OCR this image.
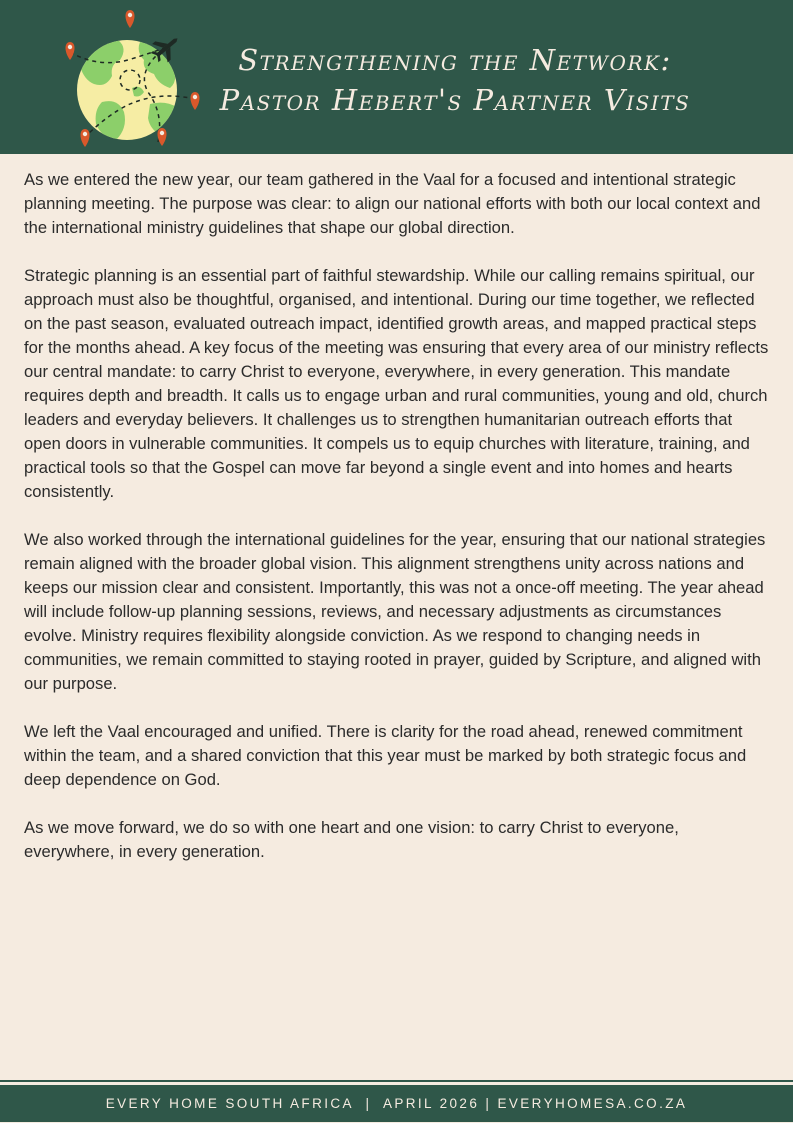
Strengthening the Network: Pastor Hebert's Partner Visits

As we entered the new year, our team gathered in the Vaal for a focused and intentional strategic planning meeting. The purpose was clear: to align our national efforts with both our local context and the international ministry guidelines that shape our global direction.

Strategic planning is an essential part of faithful stewardship. While our calling remains spiritual, our approach must also be thoughtful, organised, and intentional. During our time together, we reflected on the past season, evaluated outreach impact, identified growth areas, and mapped practical steps for the months ahead. A key focus of the meeting was ensuring that every area of our ministry reflects our central mandate: to carry Christ to everyone, everywhere, in every generation. This mandate requires depth and breadth. It calls us to engage urban and rural communities, young and old, church leaders and everyday believers. It challenges us to strengthen humanitarian outreach efforts that open doors in vulnerable communities. It compels us to equip churches with literature, training, and practical tools so that the Gospel can move far beyond a single event and into homes and hearts consistently.

We also worked through the international guidelines for the year, ensuring that our national strategies remain aligned with the broader global vision. This alignment strengthens unity across nations and keeps our mission clear and consistent. Importantly, this was not a once-off meeting. The year ahead will include follow-up planning sessions, reviews, and necessary adjustments as circumstances evolve. Ministry requires flexibility alongside conviction. As we respond to changing needs in communities, we remain committed to staying rooted in prayer, guided by Scripture, and aligned with our purpose.

We left the Vaal encouraged and unified. There is clarity for the road ahead, renewed commitment within the team, and a shared conviction that this year must be marked by both strategic focus and deep dependence on God.

As we move forward, we do so with one heart and one vision: to carry Christ to everyone, everywhere, in every generation.

EVERY HOME SOUTH AFRICA  |  APRIL 2026 | EVERYHOMESA.CO.ZA
